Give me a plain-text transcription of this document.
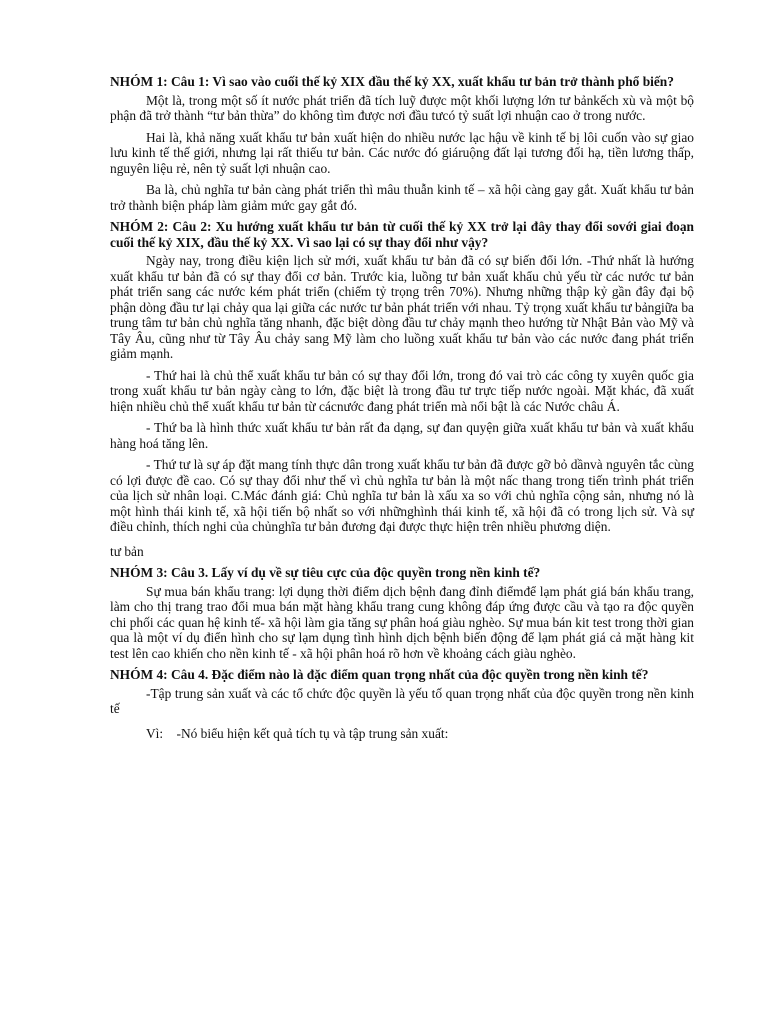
NHÓM 1: Câu 1: Vì sao vào cuối thế kỷ XIX đầu thế kỷ XX, xuất khẩu tư bản trở thành phổ biến?

Một là, trong một số ít nước phát triển đã tích luỹ được một khối lượng lớn tư bảnkếch xù và một bộ phận đã trở thành “tư bản thừa” do không tìm được nơi đầu tưcó tỷ suất lợi nhuận cao ở trong nước.

Hai là, khả năng xuất khẩu tư bản xuất hiện do nhiều nước lạc hậu về kinh tế bị lôi cuốn vào sự giao lưu kinh tế thế giới, nhưng lại rất thiếu tư bản. Các nước đó giáruộng đất lại tương đối hạ, tiền lương thấp, nguyên liệu rẻ, nên tỷ suất lợi nhuận cao.

Ba là, chủ nghĩa tư bản càng phát triển thì mâu thuẫn kinh tế – xã hội càng gay gắt. Xuất khẩu tư bản trở thành biện pháp làm giảm mức gay gắt đó.

NHÓM 2: Câu 2: Xu hướng xuất khẩu tư bản từ cuối thế kỷ XX trở lại đây thay đổi sovới giai đoạn cuối thế kỷ XIX, đầu thế kỷ XX. Vì sao lại có sự thay đổi như vậy?

Ngày nay, trong điều kiện lịch sử mới, xuất khẩu tư bản đã có sự biến đổi lớn. -Thứ nhất là hướng xuất khẩu tư bản đã có sự thay đổi cơ bản. Trước kia, luồng tư bản xuất khẩu chủ yếu từ các nước tư bản phát triển sang các nước kém phát triển (chiếm tỷ trọng trên 70%). Nhưng những thập kỷ gần đây đại bộ phận dòng đầu tư lại chảy qua lại giữa các nước tư bản phát triển với nhau. Tỷ trọng xuất khẩu tư bảngiữa ba trung tâm tư bản chủ nghĩa tăng nhanh, đặc biệt dòng đầu tư chảy mạnh theo hướng từ Nhật Bản vào Mỹ và Tây Âu, cũng như từ Tây Âu chảy sang Mỹ làm cho luồng xuất khẩu tư bản vào các nước đang phát triển giảm mạnh.

- Thứ hai là chủ thể xuất khẩu tư bản có sự thay đổi lớn, trong đó vai trò các công ty xuyên quốc gia trong xuất khẩu tư bản ngày càng to lớn, đặc biệt là trong đầu tư trực tiếp nước ngoài. Mặt khác, đã xuất hiện nhiều chủ thể xuất khẩu tư bản từ cácnước đang phát triển mà nổi bật là các Nước châu Á.

- Thứ ba là hình thức xuất khẩu tư bản rất đa dạng, sự đan quyện giữa xuất khẩu tư bản và xuất khẩu hàng hoá tăng lên.

- Thứ tư là sự áp đặt mang tính thực dân trong xuất khẩu tư bản đã được gỡ bỏ dầnvà nguyên tắc cùng có lợi được đề cao. Có sự thay đổi như thế vì chủ nghĩa tư bản là một nấc thang trong tiến trình phát triển của lịch sử nhân loại. C.Mác đánh giá: Chủ nghĩa tư bản là xấu xa so với chủ nghĩa cộng sản, nhưng nó là một hình thái kinh tế, xã hội tiến bộ nhất so với nhữnghình thái kinh tế, xã hội đã có trong lịch sử. Và sự điều chỉnh, thích nghi của chủnghĩa tư bản đương đại được thực hiện trên nhiều phương diện.

tư bản

NHÓM 3: Câu 3. Lấy ví dụ về sự tiêu cực của độc quyền trong nền kinh tế?

Sự mua bán khẩu trang: lợi dụng thời điểm dịch bệnh đang đỉnh điểmđể lạm phát giá bán khẩu trang, làm cho thị trang trao đổi mua bán mặt hàng khẩu trang cung không đáp ứng được cầu và tạo ra độc quyền chi phối các quan hệ kinh tế- xã hội làm gia tăng sự phân hoá giàu nghèo. Sự mua bán kit test trong thời gian qua là một ví dụ điển hình cho sự lạm dụng tình hình dịch bệnh biến động để lạm phát giá cả mặt hàng kit test lên cao khiến cho nền kinh tế - xã hội phân hoá rõ hơn về khoảng cách giàu nghèo.

NHÓM 4: Câu 4. Đặc điểm nào là đặc điểm quan trọng nhất của độc quyền trong nền kinh tế?

-Tập trung sản xuất và các tổ chức độc quyền là yếu tố quan trọng nhất của độc quyền trong nền kinh tế

Vì:    -Nó biểu hiện kết quả tích tụ và tập trung sản xuất:
